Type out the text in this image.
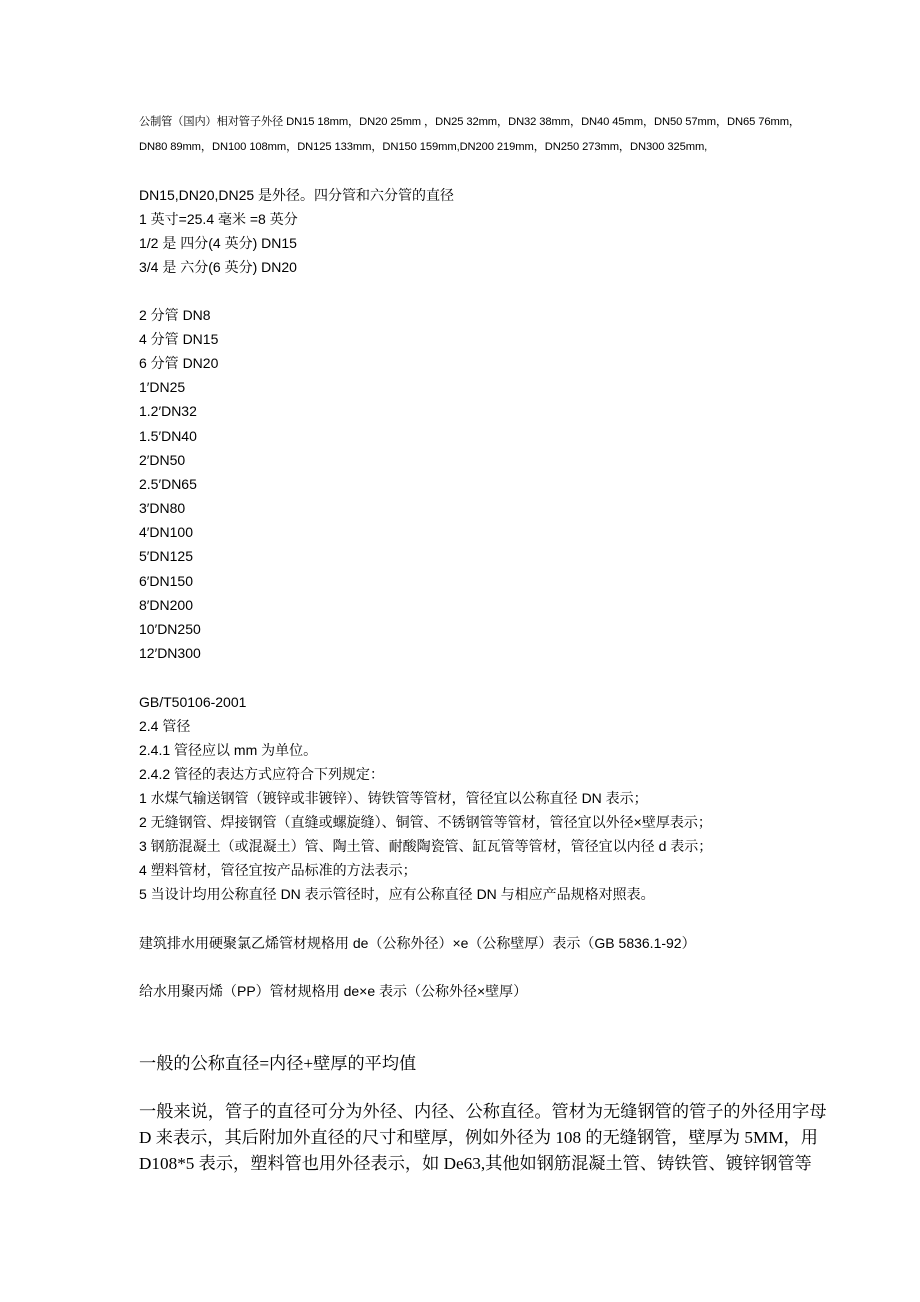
公制管（国内）相对管子外径 DN15 18mm，DN20 25mm ，DN25 32mm，DN32 38mm，DN40 45mm，DN50 57mm，DN65 76mm，
DN80 89mm，DN100 108mm，DN125 133mm，DN150 159mm,DN200 219mm，DN250 273mm，DN300 325mm,
DN15,DN20,DN25 是外径。四分管和六分管的直径
1 英寸=25.4 毫米 =8 英分
1/2 是 四分(4 英分) DN15
3/4 是 六分(6 英分) DN20
2 分管 DN8
4 分管 DN15
6 分管 DN20
1′DN25
1.2′DN32
1.5′DN40
2′DN50
2.5′DN65
3′DN80
4′DN100
5′DN125
6′DN150
8′DN200
10′DN250
12′DN300
GB/T50106-2001
2.4 管径
2.4.1 管径应以 mm 为单位。
2.4.2 管径的表达方式应符合下列规定：
1 水煤气输送钢管（镀锌或非镀锌）、铸铁管等管材，管径宜以公称直径 DN 表示；
2 无缝钢管、焊接钢管（直缝或螺旋缝）、铜管、不锈钢管等管材，管径宜以外径×壁厚表示；
3 钢筋混凝土（或混凝土）管、陶土管、耐酸陶瓷管、缸瓦管等管材，管径宜以内径 d 表示；
4 塑料管材，管径宜按产品标准的方法表示；
5 当设计均用公称直径 DN 表示管径时，应有公称直径 DN 与相应产品规格对照表。
建筑排水用硬聚氯乙烯管材规格用 de（公称外径）×e（公称壁厚）表示（GB 5836.1-92）
给水用聚丙烯（PP）管材规格用 de×e 表示（公称外径×壁厚）
一般的公称直径=内径+壁厚的平均值
一般来说，管子的直径可分为外径、内径、公称直径。管材为无缝钢管的管子的外径用字母
D 来表示，其后附加外直径的尺寸和壁厚，例如外径为 108 的无缝钢管，壁厚为 5MM，用
D108*5 表示，塑料管也用外径表示，如 De63,其他如钢筋混凝土管、铸铁管、镀锌钢管等
